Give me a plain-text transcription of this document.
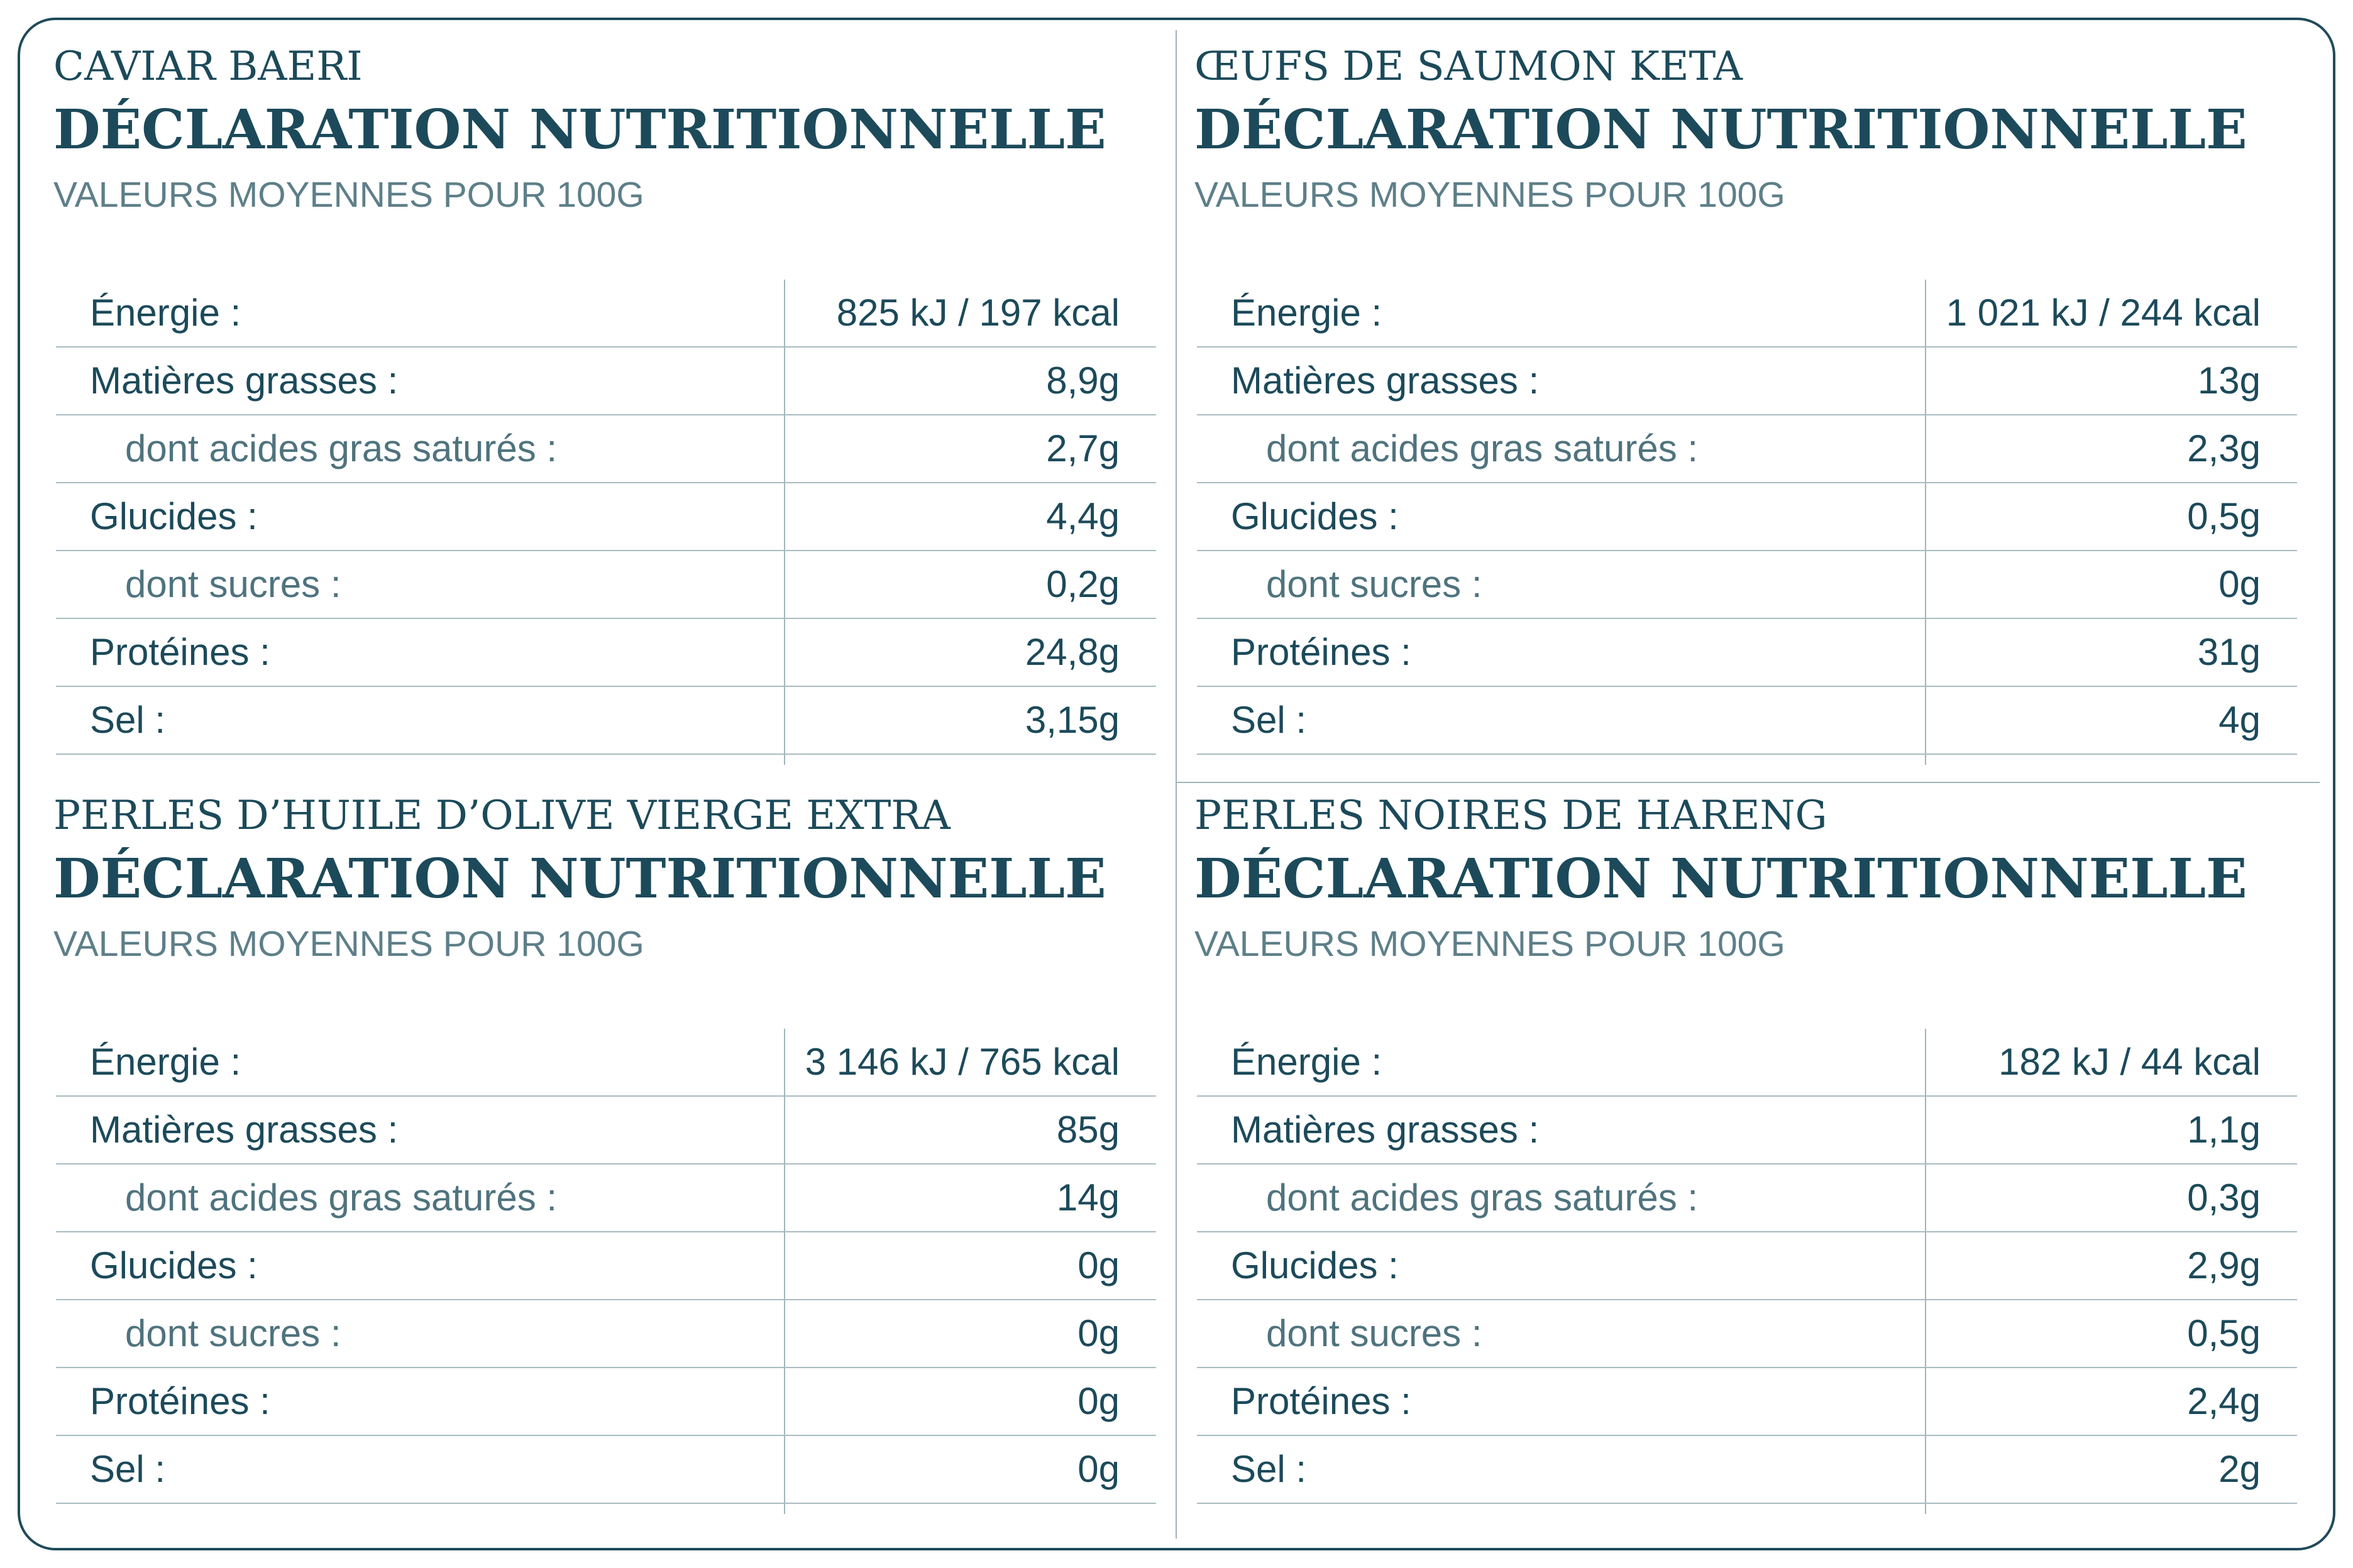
CAVIAR BAERI
DÉCLARATION NUTRITIONNELLE
VALEURS MOYENNES POUR 100G
Énergie :	825 kJ / 197 kcal
Matières grasses :	8,9g
dont acides gras saturés :	2,7g
Glucides :	4,4g
dont sucres :	0,2g
Protéines :	24,8g
Sel :	3,15g
ŒUFS DE SAUMON KETA
DÉCLARATION NUTRITIONNELLE
VALEURS MOYENNES POUR 100G
Énergie :	1 021 kJ / 244 kcal
Matières grasses :	13g
dont acides gras saturés :	2,3g
Glucides :	0,5g
dont sucres :	0g
Protéines :	31g
Sel :	4g
PERLES D’HUILE D’OLIVE VIERGE EXTRA
DÉCLARATION NUTRITIONNELLE
VALEURS MOYENNES POUR 100G
Énergie :	3 146 kJ / 765 kcal
Matières grasses :	85g
dont acides gras saturés :	14g
Glucides :	0g
dont sucres :	0g
Protéines :	0g
Sel :	0g
PERLES NOIRES DE HARENG
DÉCLARATION NUTRITIONNELLE
VALEURS MOYENNES POUR 100G
Énergie :	182 kJ / 44 kcal
Matières grasses :	1,1g
dont acides gras saturés :	0,3g
Glucides :	2,9g
dont sucres :	0,5g
Protéines :	2,4g
Sel :	2g
